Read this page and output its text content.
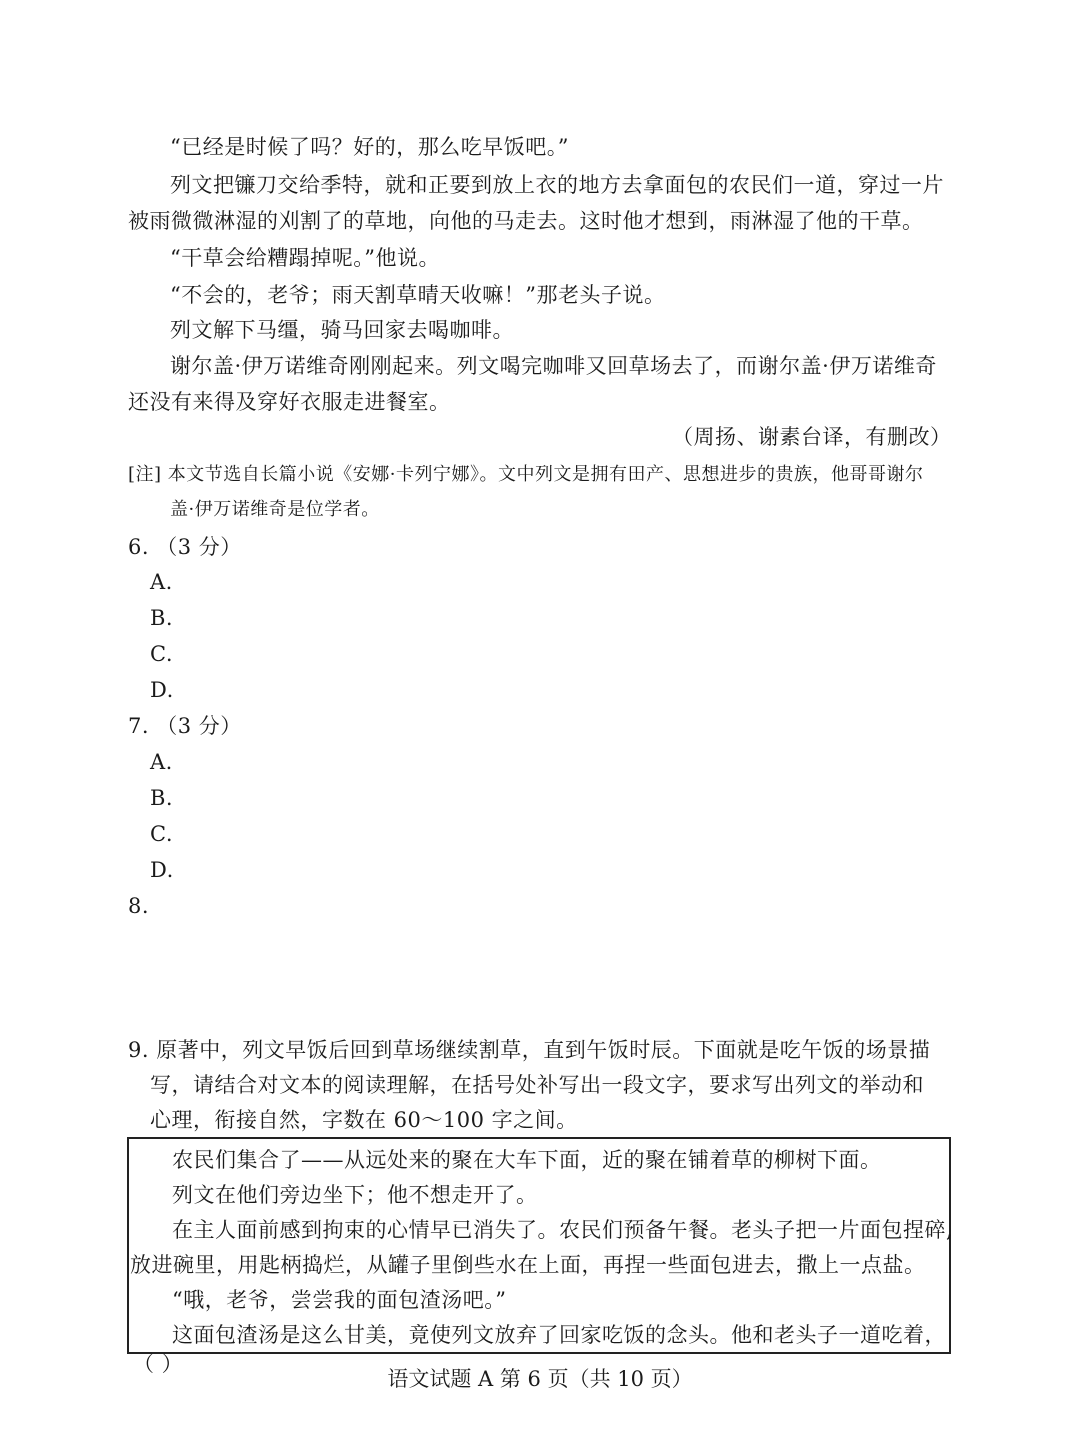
“已经是时候了吗？好的，那么吃早饭吧。”
列文把镰刀交给季特，就和正要到放上衣的地方去拿面包的农民们一道，穿过一片
被雨微微淋湿的刈割了的草地，向他的马走去。这时他才想到，雨淋湿了他的干草。
“干草会给糟蹋掉呢。”他说。
“不会的，老爷；雨天割草晴天收嘛！”那老头子说。
列文解下马缰，骑马回家去喝咖啡。
谢尔盖·伊万诺维奇刚刚起来。列文喝完咖啡又回草场去了，而谢尔盖·伊万诺维奇
还没有来得及穿好衣服走进餐室。
（周扬、谢素台译，有删改）
[注] 本文节选自长篇小说《安娜·卡列宁娜》。文中列文是拥有田产、思想进步的贵族，他哥哥谢尔
盖·伊万诺维奇是位学者。
6. （3 分）
A.
B.
C.
D.
7. （3 分）
A.
B.
C.
D.
8.
9. 原著中，列文早饭后回到草场继续割草，直到午饭时辰。下面就是吃午饭的场景描
写，请结合对文本的阅读理解，在括号处补写出一段文字，要求写出列文的举动和
心理，衔接自然，字数在 60～100 字之间。
农民们集合了——从远处来的聚在大车下面，近的聚在铺着草的柳树下面。
列文在他们旁边坐下；他不想走开了。
在主人面前感到拘束的心情早已消失了。农民们预备午餐。老头子把一片面包捏碎,
放进碗里，用匙柄捣烂，从罐子里倒些水在上面，再捏一些面包进去，撒上一点盐。
“哦，老爷，尝尝我的面包渣汤吧。”
这面包渣汤是这么甘美，竟使列文放弃了回家吃饭的念头。他和老头子一道吃着，
（ ）
语文试题 A 第 6 页（共 10 页）
